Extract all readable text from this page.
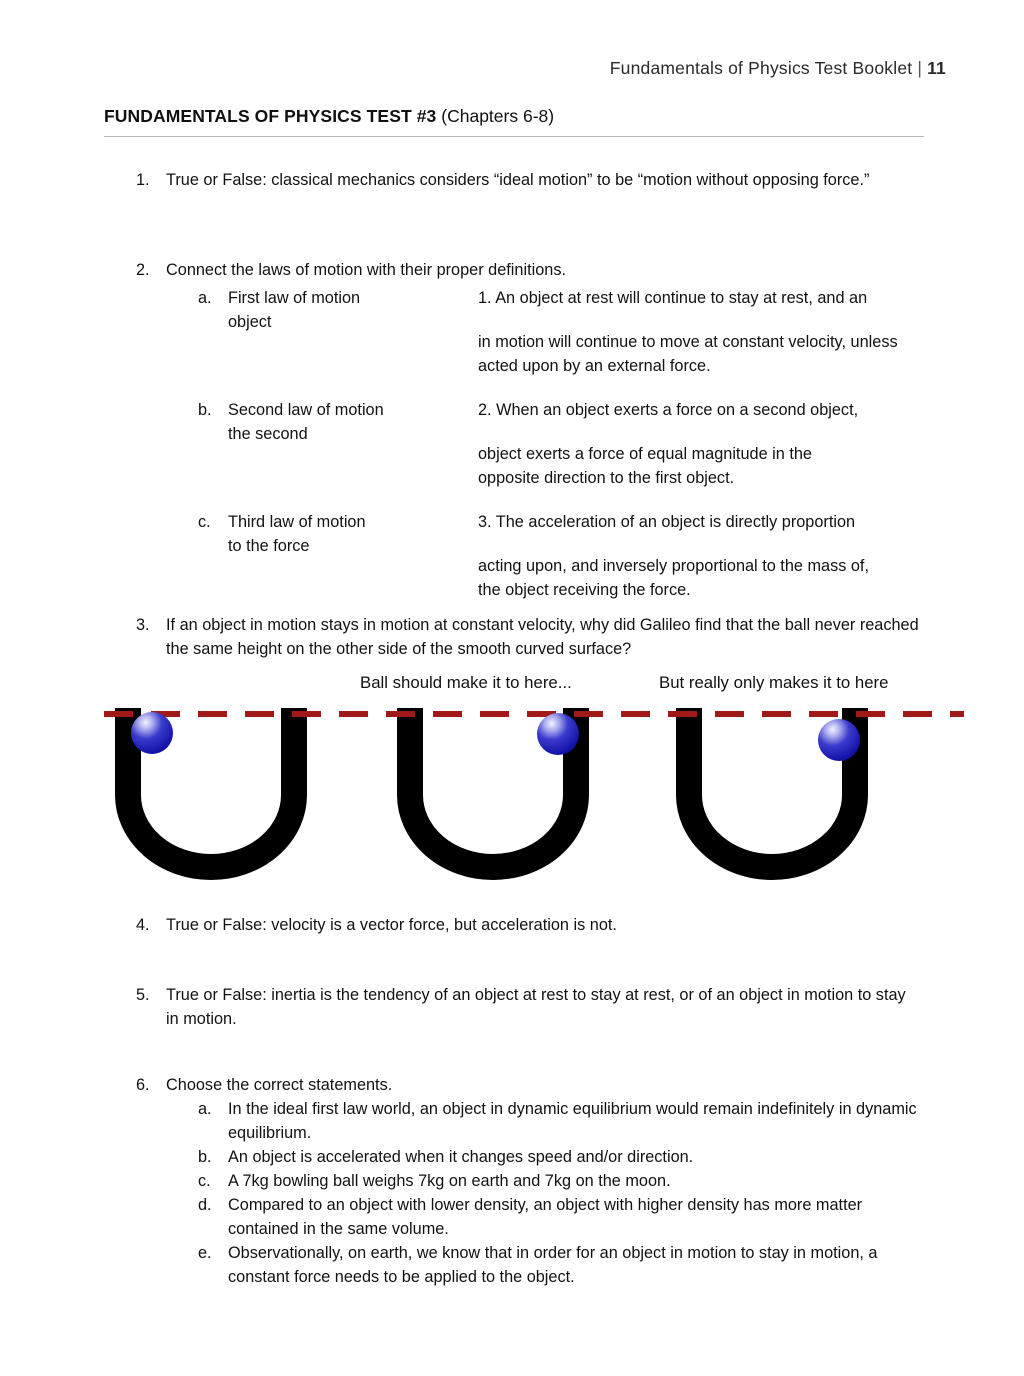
Fundamentals of Physics Test Booklet | 11
FUNDAMENTALS OF PHYSICS TEST #3 (Chapters 6-8)
1.	True or False: classical mechanics considers “ideal motion” to be “motion without opposing force.”
2.	Connect the laws of motion with their proper definitions.
a.	First law of motion
object
1. An object at rest will continue to stay at rest, and an
in motion will continue to move at constant velocity, unless
acted upon by an external force.
b.	Second law of motion
the second
2. When an object exerts a force on a second object,
object exerts a force of equal magnitude in the
opposite direction to the first object.
c.	Third law of motion
to the force
3. The acceleration of an object is directly proportion
acting upon, and inversely proportional to the mass of,
the object receiving the force.
3.	If an object in motion stays in motion at constant velocity, why did Galileo find that the ball never reached the same height on the other side of the smooth curved surface?
Ball should make it to here...	But really only makes it to here
4.	True or False: velocity is a vector force, but acceleration is not.
5.	True or False: inertia is the tendency of an object at rest to stay at rest, or of an object in motion to stay in motion.
6.	Choose the correct statements.
a.	In the ideal first law world, an object in dynamic equilibrium would remain indefinitely in dynamic equilibrium.
b.	An object is accelerated when it changes speed and/or direction.
c.	A 7kg bowling ball weighs 7kg on earth and 7kg on the moon.
d.	Compared to an object with lower density, an object with higher density has more matter contained in the same volume.
e.	Observationally, on earth, we know that in order for an object in motion to stay in motion, a constant force needs to be applied to the object.
